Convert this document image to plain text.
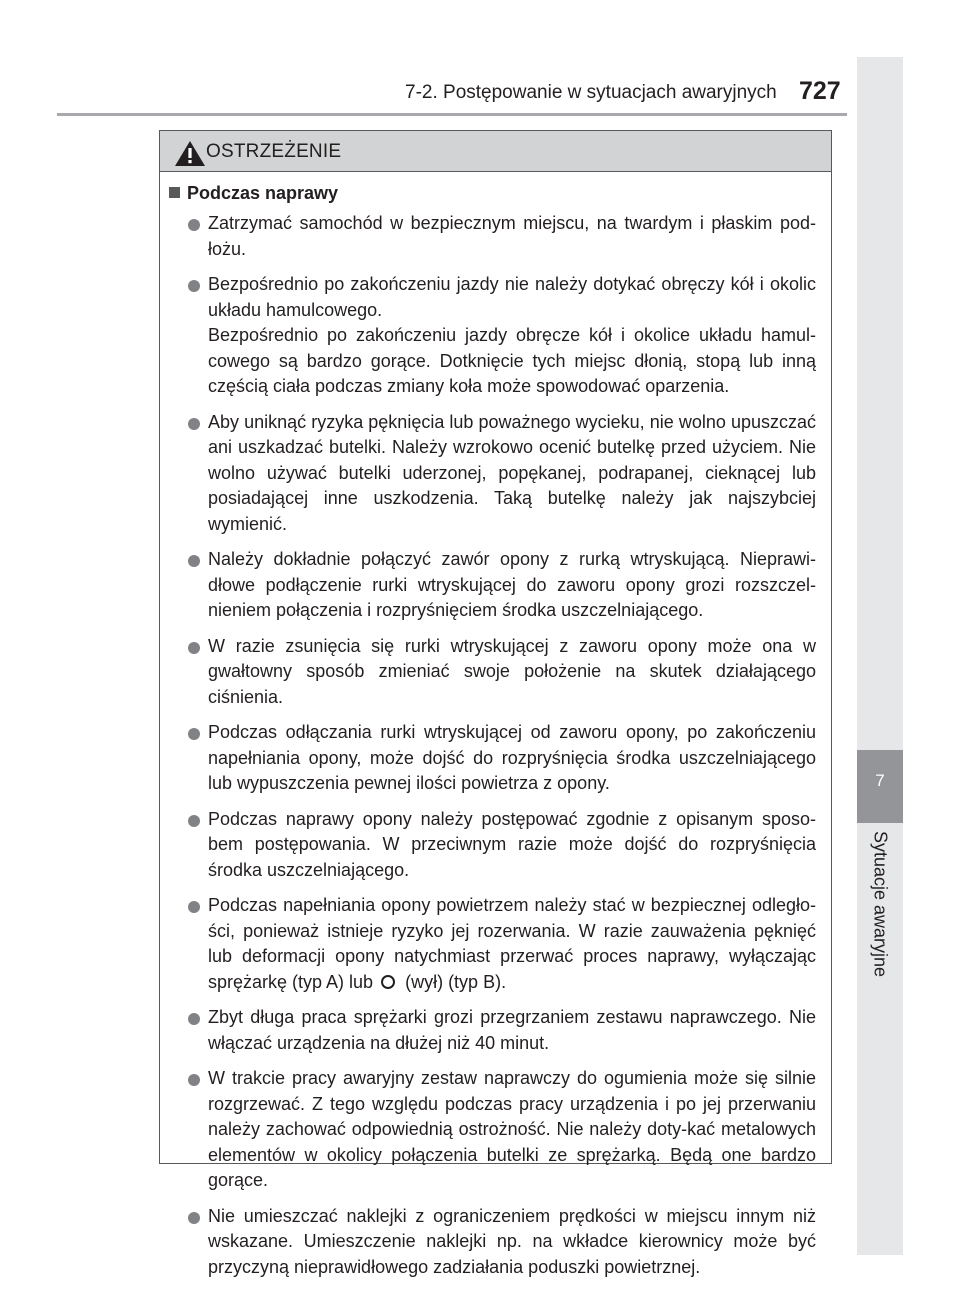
7-2. Postępowanie w sytuacjach awaryjnych 727
7
Sytuacje awaryjne
OSTRZEŻENIE
Podczas naprawy
Zatrzymać samochód w bezpiecznym miejscu, na twardym i płaskim pod-łożu.

Bezpośrednio po zakończeniu jazdy nie należy dotykać obręczy kół i okolic układu hamulcowego.

Bezpośrednio po zakończeniu jazdy obręcze kół i okolice układu hamul-cowego są bardzo gorące. Dotknięcie tych miejsc dłonią, stopą lub inną częścią ciała podczas zmiany koła może spowodować oparzenia.

Aby uniknąć ryzyka pęknięcia lub poważnego wycieku, nie wolno upuszczać ani uszkadzać butelki. Należy wzrokowo ocenić butelkę przed użyciem. Nie wolno używać butelki uderzonej, popękanej, podrapanej, cieknącej lub posiadającej inne uszkodzenia. Taką butelkę należy jak najszybciej wymienić.
Należy dokładnie połączyć zawór opony z rurką wtryskującą. Nieprawi-dłowe podłączenie rurki wtryskującej do zaworu opony grozi rozszczel-nieniem połączenia i rozpryśnięciem środka uszczelniającego.
W razie zsunięcia się rurki wtryskującej z zaworu opony może ona w gwałtowny sposób zmieniać swoje położenie na skutek działającego ciśnienia.
Podczas odłączania rurki wtryskującej od zaworu opony, po zakończeniu napełniania opony, może dojść do rozpryśnięcia środka uszczelniającego lub wypuszczenia pewnej ilości powietrza z opony.
Podczas naprawy opony należy postępować zgodnie z opisanym sposo-bem postępowania. W przeciwnym razie może dojść do rozpryśnięcia środka uszczelniającego.
Podczas napełniania opony powietrzem należy stać w bezpiecznej odległo-ści, ponieważ istnieje ryzyko jej rozerwania. W razie zauważenia pęknięć lub deformacji opony natychmiast przerwać proces naprawy, wyłączając sprężarkę (typ A) lub (wył) (typ B).
Zbyt długa praca sprężarki grozi przegrzaniem zestawu naprawczego. Nie włączać urządzenia na dłużej niż 40 minut.
W trakcie pracy awaryjny zestaw naprawczy do ogumienia może się silnie rozgrzewać. Z tego względu podczas pracy urządzenia i po jej przerwaniu należy zachować odpowiednią ostrożność. Nie należy doty-kać metalowych elementów w okolicy połączenia butelki ze sprężarką. Będą one bardzo gorące.
Nie umieszczać naklejki z ograniczeniem prędkości w miejscu innym niż wskazane. Umieszczenie naklejki np. na wkładce kierownicy może być przyczyną nieprawidłowego zadziałania poduszki powietrznej.
